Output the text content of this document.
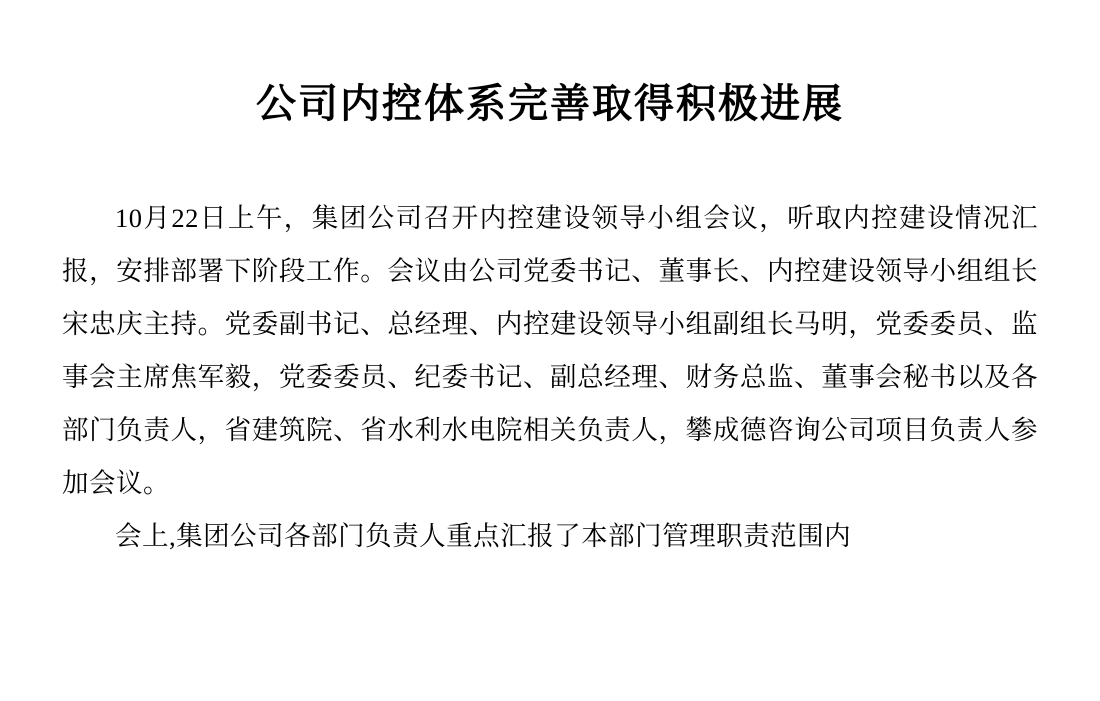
公司内控体系完善取得积极进展

10月22日上午，集团公司召开内控建设领导小组会议，听取内控建设情况汇报，安排部署下阶段工作。会议由公司党委书记、董事长、内控建设领导小组组长宋忠庆主持。党委副书记、总经理、内控建设领导小组副组长马明，党委委员、监事会主席焦军毅，党委委员、纪委书记、副总经理、财务总监、董事会秘书以及各部门负责人，省建筑院、省水利水电院相关负责人，攀成德咨询公司项目负责人参加会议。

会上,集团公司各部门负责人重点汇报了本部门管理职责范围内
